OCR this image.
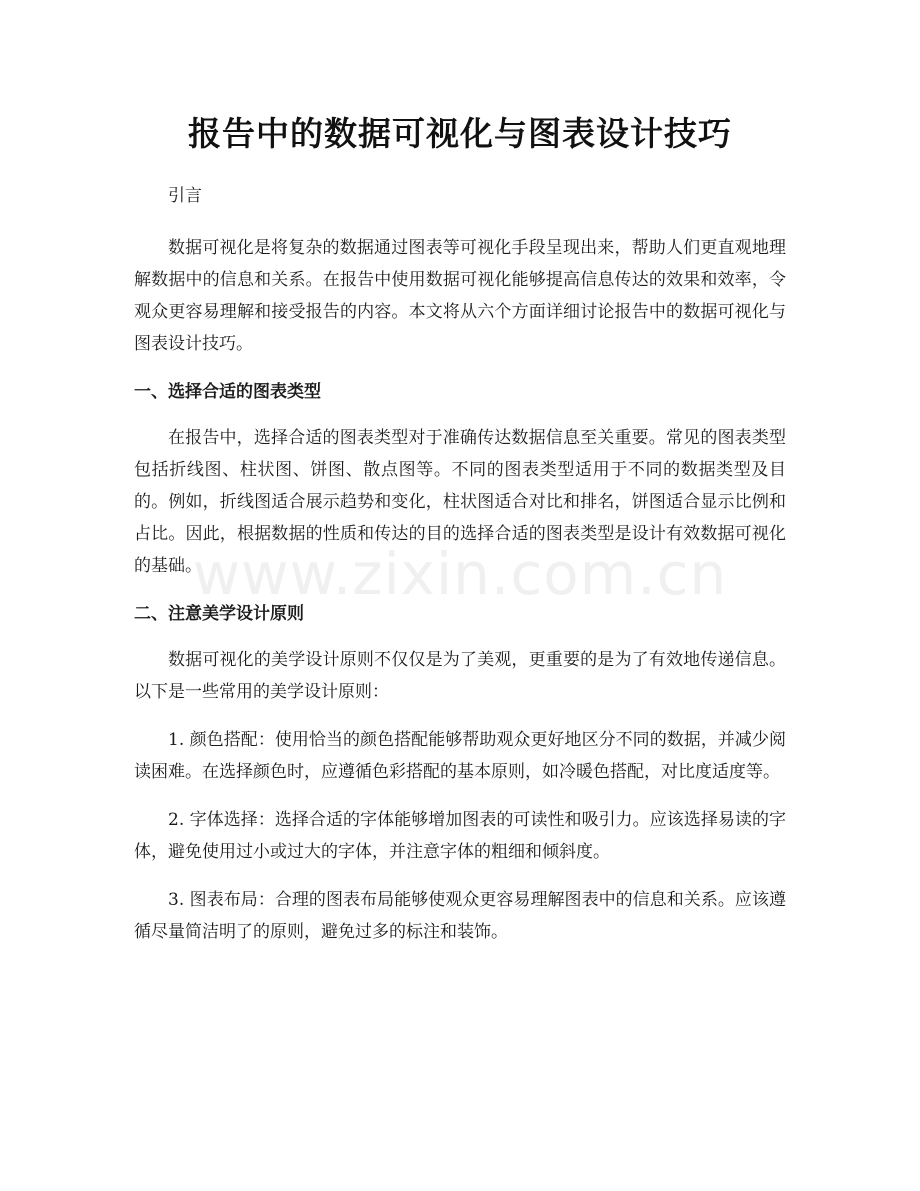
报告中的数据可视化与图表设计技巧

引言

数据可视化是将复杂的数据通过图表等可视化手段呈现出来，帮助人们更直观地理解数据中的信息和关系。在报告中使用数据可视化能够提高信息传达的效果和效率，令观众更容易理解和接受报告的内容。本文将从六个方面详细讨论报告中的数据可视化与图表设计技巧。

一、选择合适的图表类型

在报告中，选择合适的图表类型对于准确传达数据信息至关重要。常见的图表类型包括折线图、柱状图、饼图、散点图等。不同的图表类型适用于不同的数据类型及目的。例如，折线图适合展示趋势和变化，柱状图适合对比和排名，饼图适合显示比例和占比。因此，根据数据的性质和传达的目的选择合适的图表类型是设计有效数据可视化的基础。

二、注意美学设计原则

数据可视化的美学设计原则不仅仅是为了美观，更重要的是为了有效地传递信息。以下是一些常用的美学设计原则：

1. 颜色搭配：使用恰当的颜色搭配能够帮助观众更好地区分不同的数据，并减少阅读困难。在选择颜色时，应遵循色彩搭配的基本原则，如冷暖色搭配，对比度适度等。

2. 字体选择：选择合适的字体能够增加图表的可读性和吸引力。应该选择易读的字体，避免使用过小或过大的字体，并注意字体的粗细和倾斜度。

3. 图表布局：合理的图表布局能够使观众更容易理解图表中的信息和关系。应该遵循尽量简洁明了的原则，避免过多的标注和装饰。

www.zixin.com.cn
